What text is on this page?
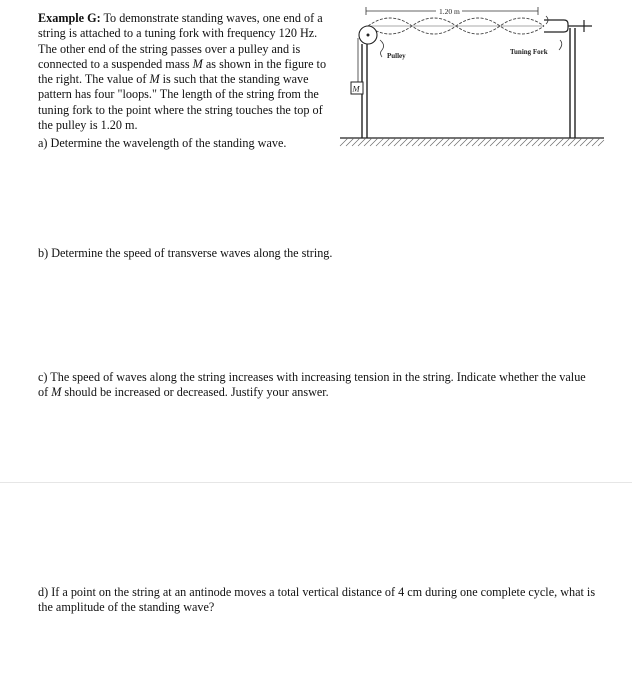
Example G: To demonstrate standing waves, one end of a string is attached to a tuning fork with frequency 120 Hz. The other end of the string passes over a pulley and is connected to a suspended mass M as shown in the figure to the right. The value of M is such that the standing wave pattern has four "loops." The length of the string from the tuning fork to the point where the string touches the top of the pulley is 1.20 m.

a) Determine the wavelength of the standing wave.

b) Determine the speed of transverse waves along the string.

c) The speed of waves along the string increases with increasing tension in the string. Indicate whether the value of M should be increased or decreased. Justify your answer.

d) If a point on the string at an antinode moves a total vertical distance of 4 cm during one complete cycle, what is the amplitude of the standing wave?

1.20 m
Pulley
M
Tuning Fork
